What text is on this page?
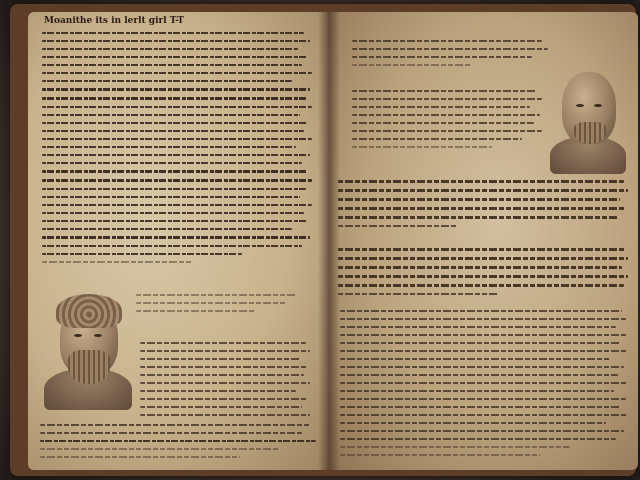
Moanithe its in lerlt girl T-T
